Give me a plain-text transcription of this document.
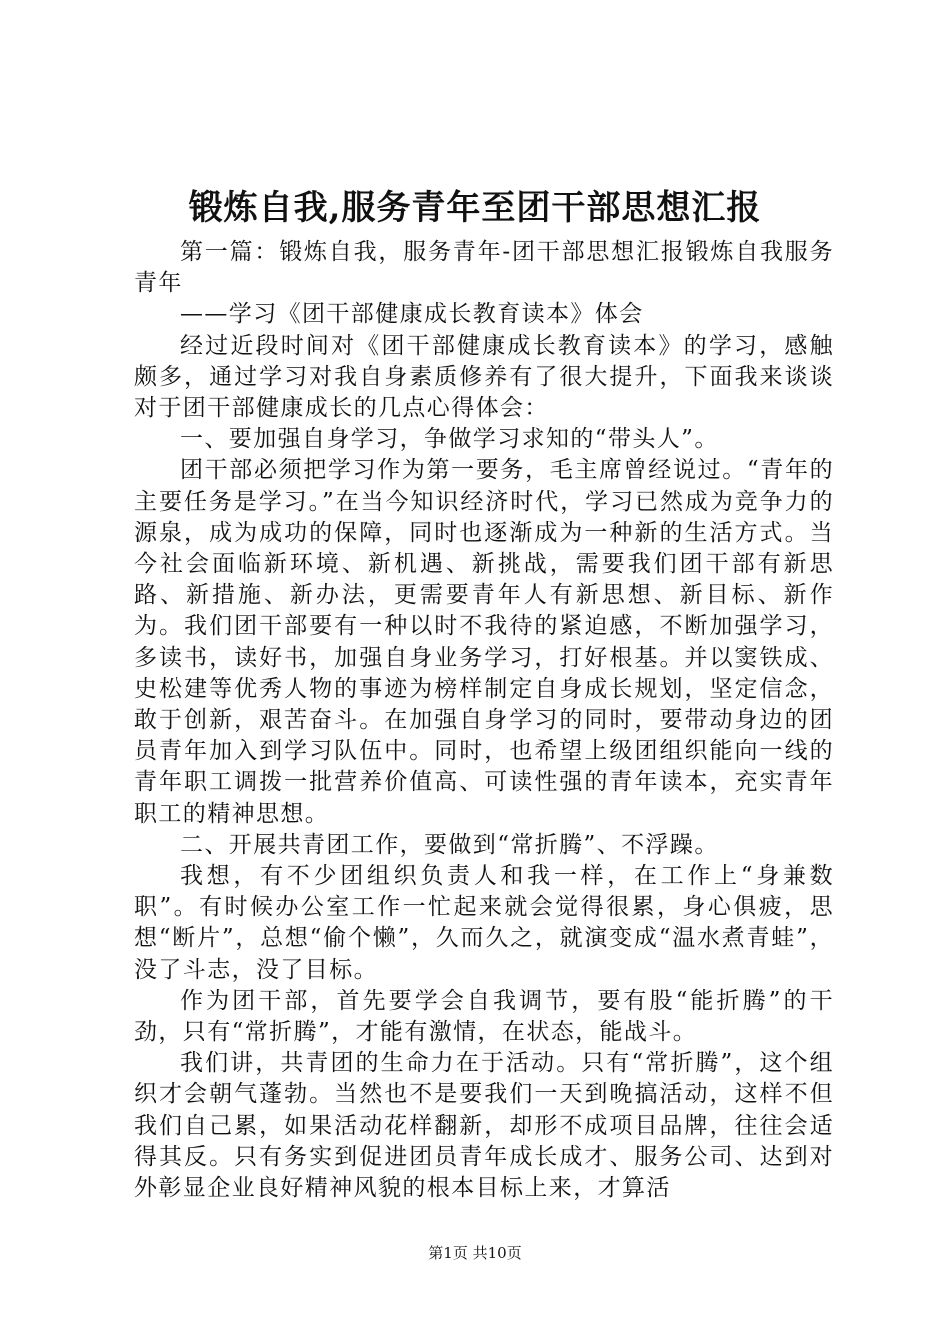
锻炼自我,服务青年至团干部思想汇报

第一篇：锻炼自我，服务青年-团干部思想汇报锻炼自我服务青年

——学习《团干部健康成长教育读本》体会

经过近段时间对《团干部健康成长教育读本》的学习，感触颇多，通过学习对我自身素质修养有了很大提升，下面我来谈谈对于团干部健康成长的几点心得体会：

一、要加强自身学习，争做学习求知的“带头人”。

团干部必须把学习作为第一要务，毛主席曾经说过。“青年的主要任务是学习。”在当今知识经济时代，学习已然成为竞争力的源泉，成为成功的保障，同时也逐渐成为一种新的生活方式。当今社会面临新环境、新机遇、新挑战，需要我们团干部有新思路、新措施、新办法，更需要青年人有新思想、新目标、新作为。我们团干部要有一种以时不我待的紧迫感，不断加强学习，多读书，读好书，加强自身业务学习，打好根基。并以窦铁成、史松建等优秀人物的事迹为榜样制定自身成长规划，坚定信念，敢于创新，艰苦奋斗。在加强自身学习的同时，要带动身边的团员青年加入到学习队伍中。同时，也希望上级团组织能向一线的青年职工调拨一批营养价值高、可读性强的青年读本，充实青年职工的精神思想。

二、开展共青团工作，要做到“常折腾”、不浮躁。

我想，有不少团组织负责人和我一样，在工作上“身兼数职”。有时候办公室工作一忙起来就会觉得很累，身心俱疲，思想“断片”，总想“偷个懒”，久而久之，就演变成“温水煮青蛙”，没了斗志，没了目标。

作为团干部，首先要学会自我调节，要有股“能折腾”的干劲，只有“常折腾”，才能有激情，在状态，能战斗。

我们讲，共青团的生命力在于活动。只有“常折腾”，这个组织才会朝气蓬勃。当然也不是要我们一天到晚搞活动，这样不但我们自己累，如果活动花样翻新，却形不成项目品牌，往往会适得其反。只有务实到促进团员青年成长成才、服务公司、达到对外彰显企业良好精神风貌的根本目标上来，才算活

第1页 共10页
